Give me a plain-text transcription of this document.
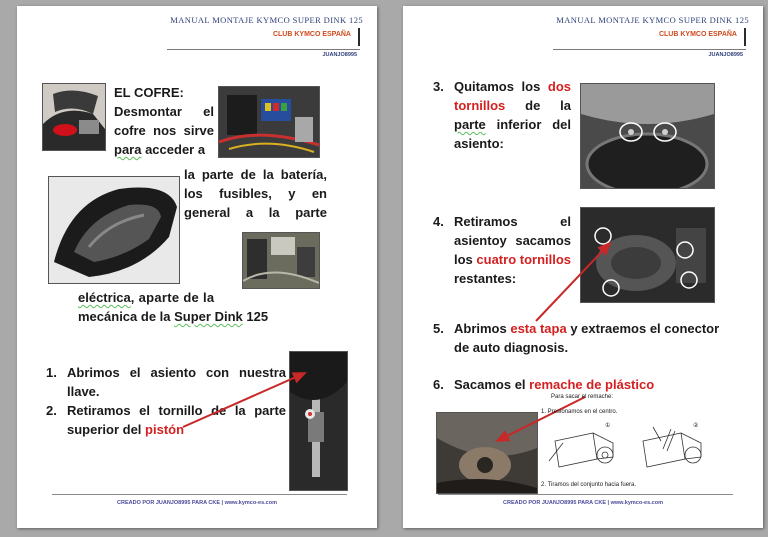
MANUAL MONTAJE KYMCO SUPER DINK 125
CLUB KYMCO ESPAÑA
JUANJO8995
EL COFRE:
Desmontar el
cofre nos sirve
para acceder a
la parte de la batería,
los fusibles, y en
general a la parte
eléctrica, aparte de la
mecánica de la Super Dink 125
1. Abrimos el asiento con nuestra
llave.
2. Retiramos el tornillo de la parte
superior del pistón
CREADO POR JUANJO8995 PARA CKE | www.kymco-es.com
MANUAL MONTAJE KYMCO SUPER DINK 125
CLUB KYMCO ESPAÑA
JUANJO8995
3. Quitamos los dos
tornillos de la
parte inferior del
asiento:
4. Retiramos el
asientoy sacamos
los cuatro tornillos
restantes:
5. Abrimos esta tapa y extraemos el conector
de auto diagnosis.
6. Sacamos el remache de plástico
Para sacar el remache:
1. Presionamos en el centro.
①	②
2. Tiramos del conjunto hacia fuera.
CREADO POR JUANJO8995 PARA CKE | www.kymco-es.com
